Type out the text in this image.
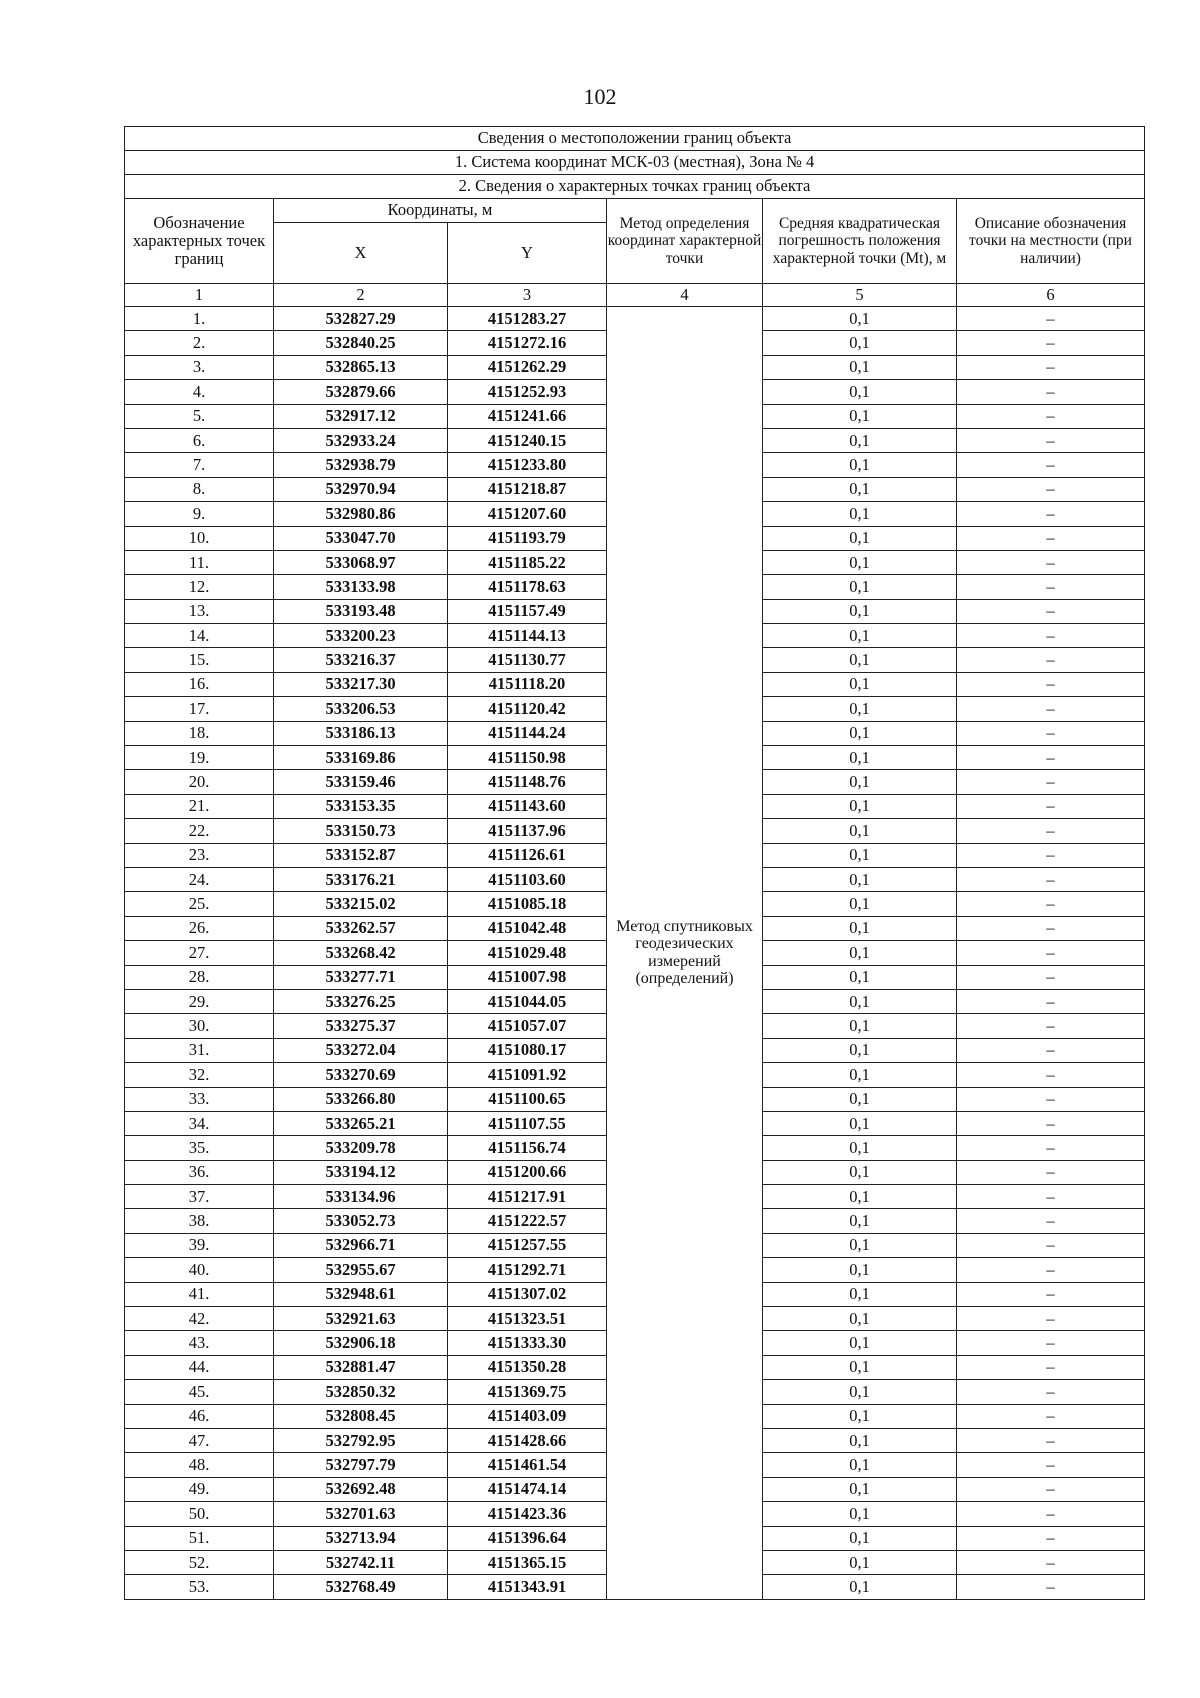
102
Сведения о местоположении границ объекта					
1. Система координат МСК-03 (местная), Зона № 4					
2. Сведения о характерных точках границ объекта					
Обозначение характерных точек границ	Координаты, м		Метод определения координат характерной точки	Средняя квадратическая погрешность положения характерной точки (Mt), м	Описание обозначения точки на местности (при наличии)
	X	Y			
1	2	3	4	5	6
1.	532827.29	4151283.27	Метод спутниковых геодезических измерений (определений)	0,1	–
2.	532840.25	4151272.16		0,1	–
3.	532865.13	4151262.29		0,1	–
4.	532879.66	4151252.93		0,1	–
5.	532917.12	4151241.66		0,1	–
6.	532933.24	4151240.15		0,1	–
7.	532938.79	4151233.80		0,1	–
8.	532970.94	4151218.87		0,1	–
9.	532980.86	4151207.60		0,1	–
10.	533047.70	4151193.79		0,1	–
11.	533068.97	4151185.22		0,1	–
12.	533133.98	4151178.63		0,1	–
13.	533193.48	4151157.49		0,1	–
14.	533200.23	4151144.13		0,1	–
15.	533216.37	4151130.77		0,1	–
16.	533217.30	4151118.20		0,1	–
17.	533206.53	4151120.42		0,1	–
18.	533186.13	4151144.24		0,1	–
19.	533169.86	4151150.98		0,1	–
20.	533159.46	4151148.76		0,1	–
21.	533153.35	4151143.60		0,1	–
22.	533150.73	4151137.96		0,1	–
23.	533152.87	4151126.61		0,1	–
24.	533176.21	4151103.60		0,1	–
25.	533215.02	4151085.18		0,1	–
26.	533262.57	4151042.48		0,1	–
27.	533268.42	4151029.48		0,1	–
28.	533277.71	4151007.98		0,1	–
29.	533276.25	4151044.05		0,1	–
30.	533275.37	4151057.07		0,1	–
31.	533272.04	4151080.17		0,1	–
32.	533270.69	4151091.92		0,1	–
33.	533266.80	4151100.65		0,1	–
34.	533265.21	4151107.55		0,1	–
35.	533209.78	4151156.74		0,1	–
36.	533194.12	4151200.66		0,1	–
37.	533134.96	4151217.91		0,1	–
38.	533052.73	4151222.57		0,1	–
39.	532966.71	4151257.55		0,1	–
40.	532955.67	4151292.71		0,1	–
41.	532948.61	4151307.02		0,1	–
42.	532921.63	4151323.51		0,1	–
43.	532906.18	4151333.30		0,1	–
44.	532881.47	4151350.28		0,1	–
45.	532850.32	4151369.75		0,1	–
46.	532808.45	4151403.09		0,1	–
47.	532792.95	4151428.66		0,1	–
48.	532797.79	4151461.54		0,1	–
49.	532692.48	4151474.14		0,1	–
50.	532701.63	4151423.36		0,1	–
51.	532713.94	4151396.64		0,1	–
52.	532742.11	4151365.15		0,1	–
53.	532768.49	4151343.91		0,1	–
